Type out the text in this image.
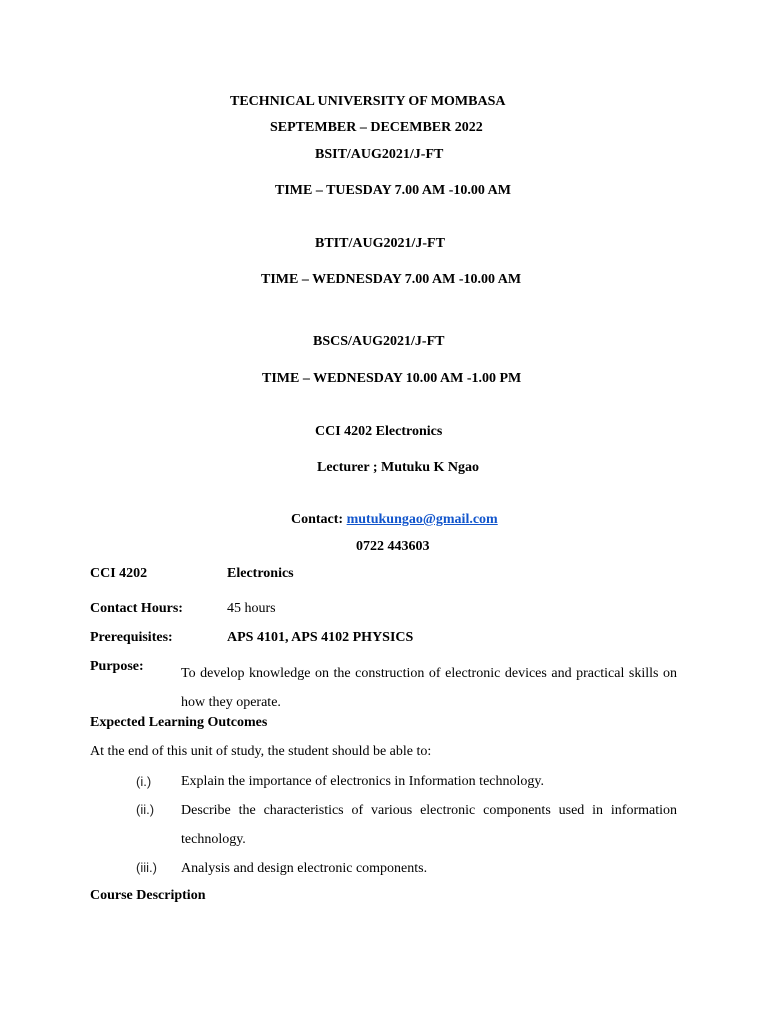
TECHNICAL UNIVERSITY OF MOMBASA
SEPTEMBER – DECEMBER 2022
BSIT/AUG2021/J-FT
TIME – TUESDAY 7.00 AM -10.00 AM
BTIT/AUG2021/J-FT
TIME – WEDNESDAY 7.00 AM -10.00 AM
BSCS/AUG2021/J-FT
TIME – WEDNESDAY 10.00 AM -1.00 PM
CCI 4202 Electronics
Lecturer ; Mutuku K Ngao
Contact: mutukungao@gmail.com
0722 443603
CCI 4202	Electronics
Contact Hours:	45 hours
Prerequisites:	APS 4101, APS 4102 PHYSICS
Purpose:	To develop knowledge on the construction of electronic devices and practical skills on how they operate.
Expected Learning Outcomes
At the end of this unit of study, the student should be able to:
(i.) Explain the importance of electronics in Information technology.
(ii.) Describe the characteristics of various electronic components used in information technology.
(iii.) Analysis and design electronic components.
Course Description
